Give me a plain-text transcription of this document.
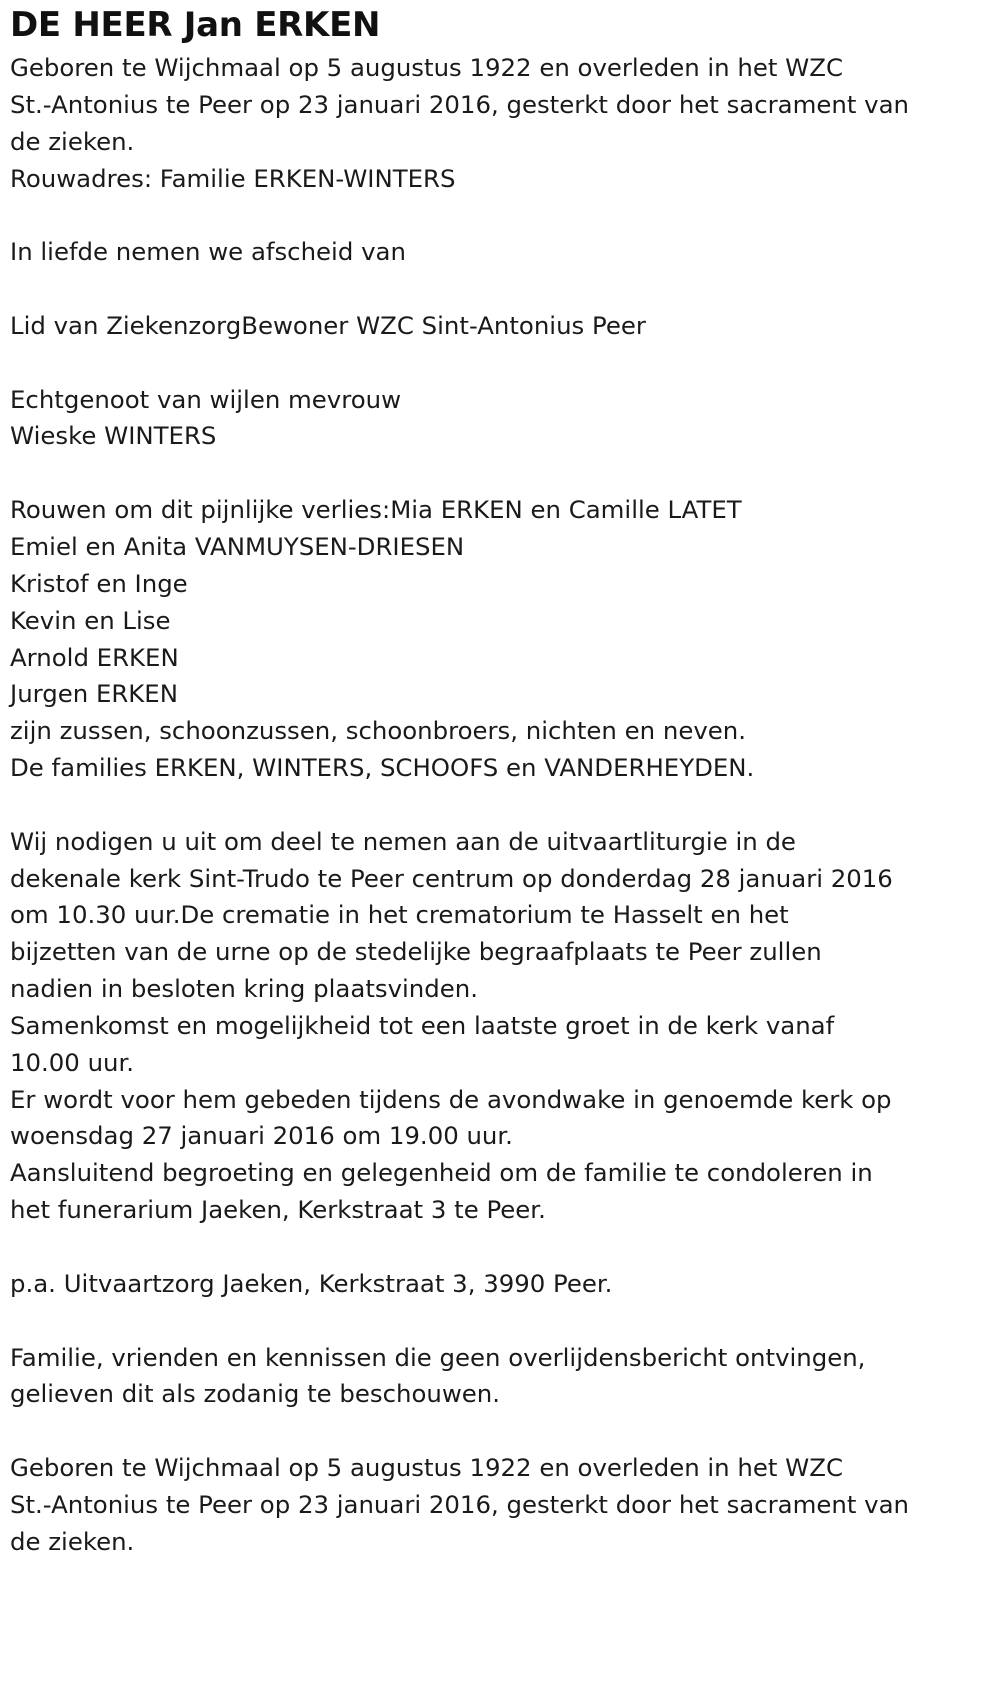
DE HEER Jan ERKEN

Geboren te Wijchmaal op 5 augustus 1922 en overleden in het WZC

St.-Antonius te Peer op 23 januari 2016, gesterkt door het sacrament van

de zieken.

Rouwadres: Familie ERKEN-WINTERS

In liefde nemen we afscheid van

Lid van ZiekenzorgBewoner WZC Sint-Antonius Peer

Echtgenoot van wijlen mevrouw

Wieske WINTERS

Rouwen om dit pijnlijke verlies:Mia ERKEN en Camille LATET

Emiel en Anita VANMUYSEN-DRIESEN

Kristof en Inge

Kevin en Lise

Arnold ERKEN

Jurgen ERKEN

zijn zussen, schoonzussen, schoonbroers, nichten en neven.

De families ERKEN, WINTERS, SCHOOFS en VANDERHEYDEN.

Wij nodigen u uit om deel te nemen aan de uitvaartliturgie in de

dekenale kerk Sint-Trudo te Peer centrum op donderdag 28 januari 2016

om 10.30 uur.De crematie in het crematorium te Hasselt en het

bijzetten van de urne op de stedelijke begraafplaats te Peer zullen

nadien in besloten kring plaatsvinden.

Samenkomst en mogelijkheid tot een laatste groet in de kerk vanaf

10.00 uur.

Er wordt voor hem gebeden tijdens de avondwake in genoemde kerk op

woensdag 27 januari 2016 om 19.00 uur.

Aansluitend begroeting en gelegenheid om de familie te condoleren in

het funerarium Jaeken, Kerkstraat 3 te Peer.

p.a. Uitvaartzorg Jaeken, Kerkstraat 3, 3990 Peer.

Familie, vrienden en kennissen die geen overlijdensbericht ontvingen,

gelieven dit als zodanig te beschouwen.

Geboren te Wijchmaal op 5 augustus 1922 en overleden in het WZC

St.-Antonius te Peer op 23 januari 2016, gesterkt door het sacrament van

de zieken.
